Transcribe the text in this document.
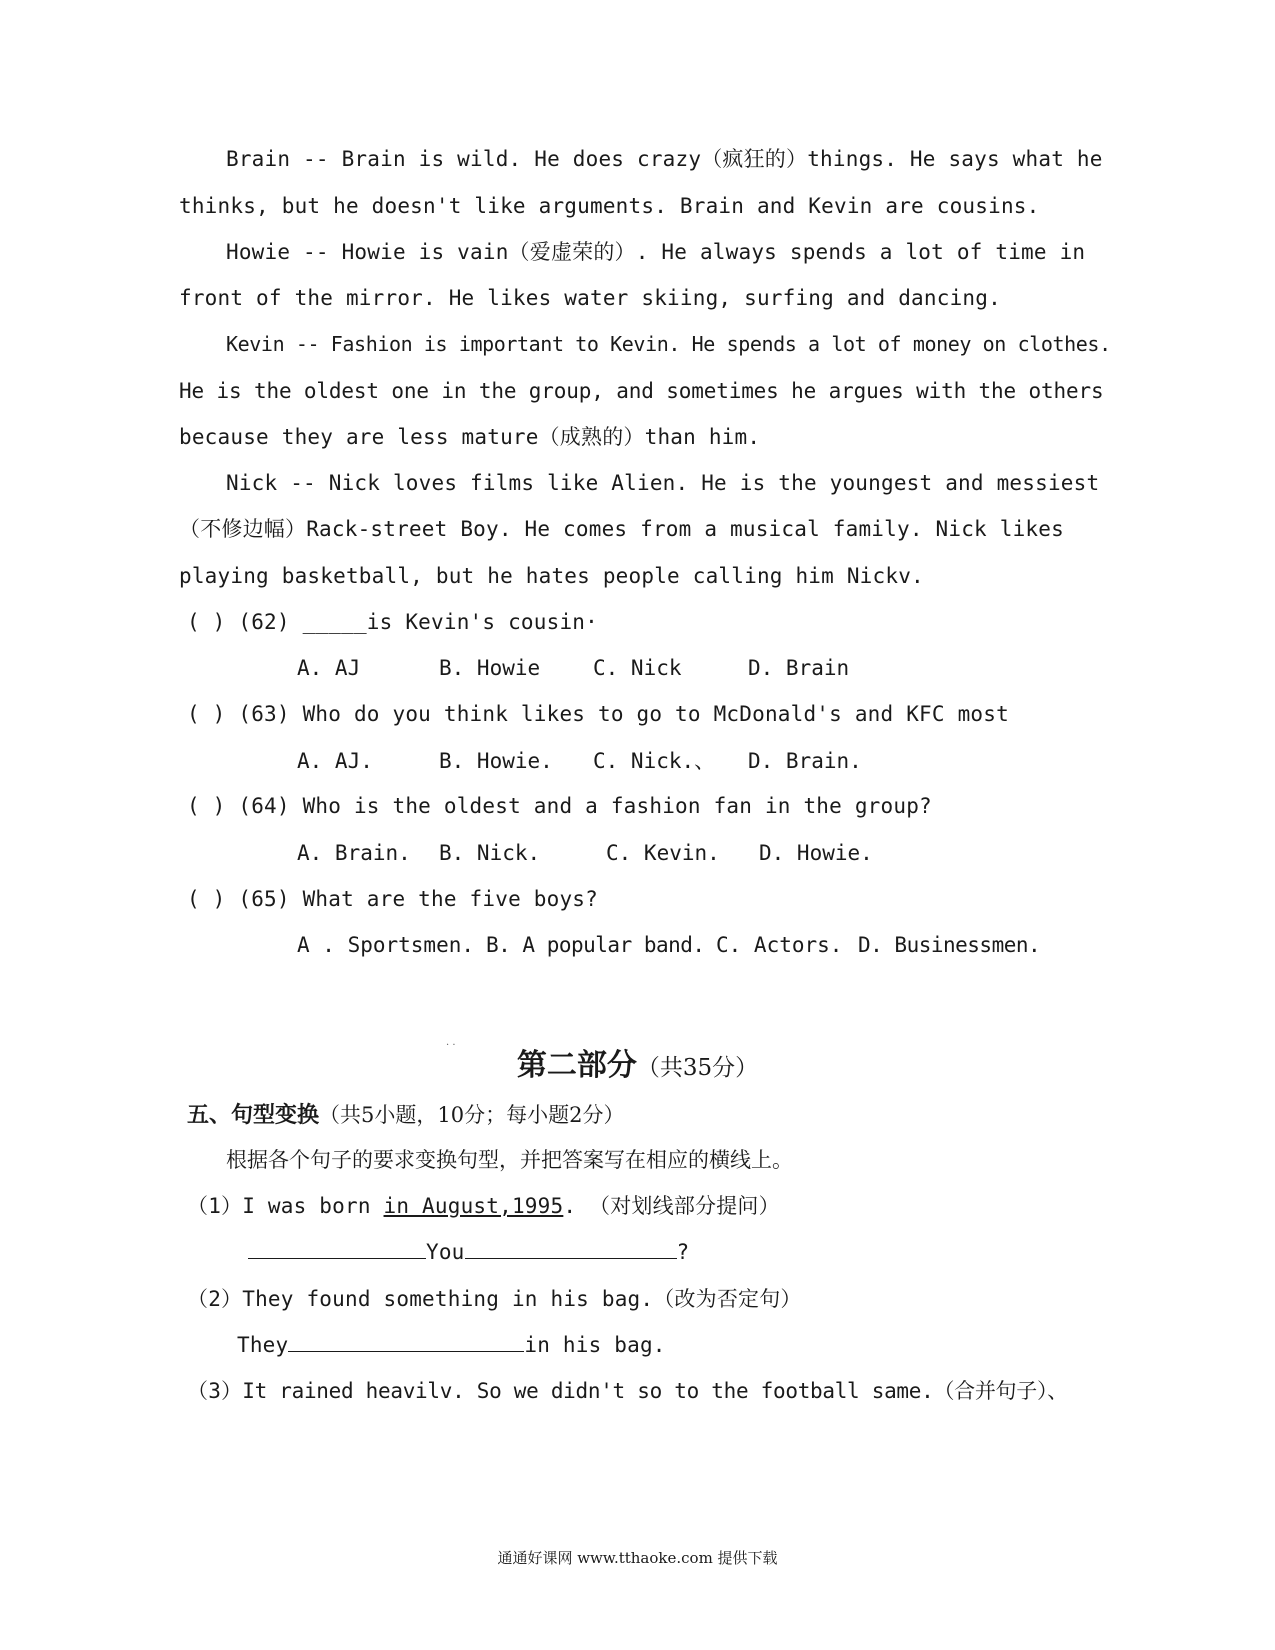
Brain -- Brain is wild. He does crazy（疯狂的）things. He says what he
thinks, but he doesn't like arguments. Brain and Kevin are cousins.
Howie -- Howie is vain（爱虚荣的）. He always spends a lot of time in
front of the mirror. He likes water skiing, surfing and dancing.
Kevin -- Fashion is important to Kevin. He spends a lot of money on clothes.
He is the oldest one in the group, and sometimes he argues with the others
because they are less mature（成熟的）than him.
Nick -- Nick loves films like Alien. He is the youngest and messiest
（不修边幅）Rack-street Boy. He comes from a musical family. Nick likes
playing basketball, but he hates people calling him Nickv.
( ) (62) _____is Kevin's cousin·
A. AJ	B. Howie	C. Nick	D. Brain
( ) (63) Who do you think likes to go to McDonald's and KFC most
A. AJ.	B. Howie. C. Nick.、 D. Brain.
( ) (64) Who is the oldest and a fashion fan in the group?
A. Brain. B. Nick.	C. Kevin. D. Howie.
( ) (65) What are the five boys?
A . Sportsmen. B. A popular band. C. Actors. D. Businessmen.
· ·
第二部分（共35分）
五、句型变换（共5小题，10分；每小题2分）
根据各个句子的要求变换句型，并把答案写在相应的横线上。
（1）I was born in August,1995. （对划线部分提问）
You	?
（2）They found something in his bag.（改为否定句）
They	in his bag.
（3）It rained heavilv. So we didn't so to the football same.（合并句子）、
通通好课网 www.tthaoke.com 提供下载
